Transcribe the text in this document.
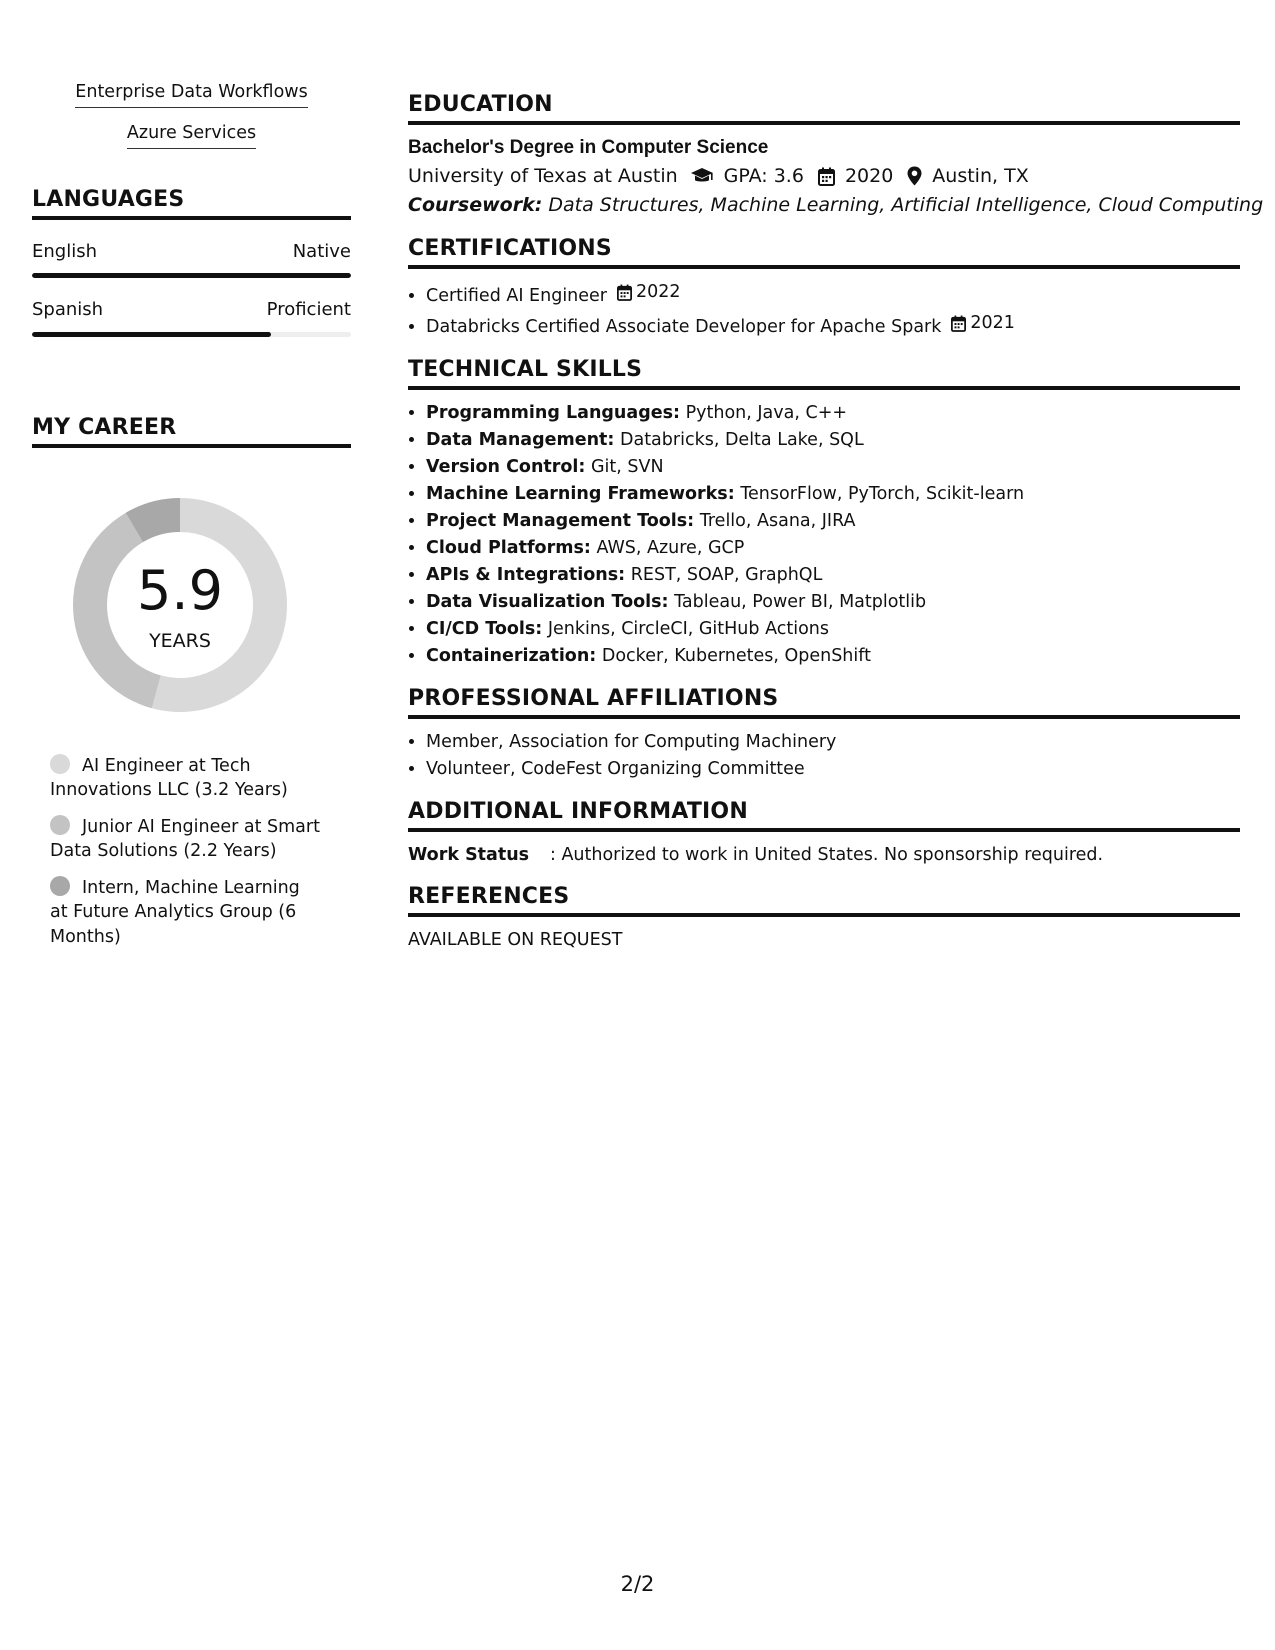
Enterprise Data Workflows
Azure Services
LANGUAGES
English	Native
Spanish	Proficient
MY CAREER
5.9
YEARS
AI Engineer at Tech Innovations LLC (3.2 Years)
Junior AI Engineer at Smart Data Solutions (2.2 Years)
Intern, Machine Learning at Future Analytics Group (6 Months)
EDUCATION
Bachelor's Degree in Computer Science
University of Texas at Austin GPA: 3.6 2020 Austin, TX
Coursework: Data Structures, Machine Learning, Artificial Intelligence, Cloud Computing
CERTIFICATIONS
• Certified AI Engineer 2022
• Databricks Certified Associate Developer for Apache Spark 2021
TECHNICAL SKILLS
• Programming Languages: Python, Java, C++
• Data Management: Databricks, Delta Lake, SQL
• Version Control: Git, SVN
• Machine Learning Frameworks: TensorFlow, PyTorch, Scikit-learn
• Project Management Tools: Trello, Asana, JIRA
• Cloud Platforms: AWS, Azure, GCP
• APIs & Integrations: REST, SOAP, GraphQL
• Data Visualization Tools: Tableau, Power BI, Matplotlib
• CI/CD Tools: Jenkins, CircleCI, GitHub Actions
• Containerization: Docker, Kubernetes, OpenShift
PROFESSIONAL AFFILIATIONS
• Member, Association for Computing Machinery
• Volunteer, CodeFest Organizing Committee
ADDITIONAL INFORMATION
Work Status	: Authorized to work in United States. No sponsorship required.
REFERENCES
AVAILABLE ON REQUEST
2/2
